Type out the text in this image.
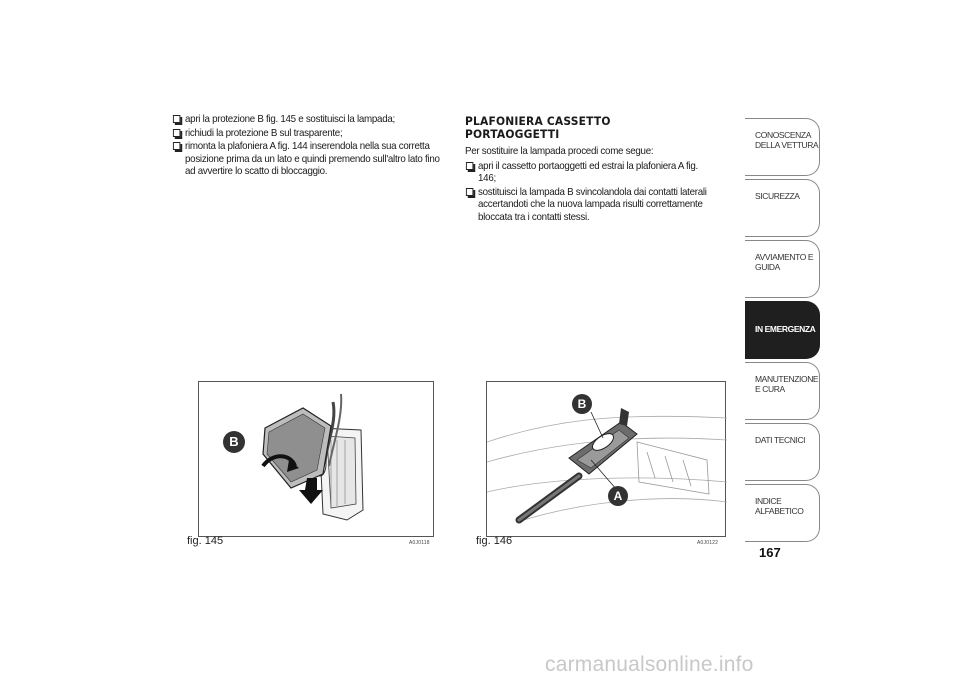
apri la protezione B fig. 145 e sostituisci la lampada;
richiudi la protezione B sul trasparente;
rimonta la plafoniera A fig. 144 inserendola nella sua corretta posizione prima da un lato e quindi premendo sull'altro lato fino ad avvertire lo scatto di bloccaggio.
PLAFONIERA CASSETTO
PORTAOGGETTI
Per sostituire la lampada procedi come segue:
apri il cassetto portaoggetti ed estrai la plafoniera A fig. 146;
sostituisci la lampada B svincolandola dai contatti laterali accertandoti che la nuova lampada risulti correttamente bloccata tra i contatti stessi.
B
fig. 145	A0J0118
B
A
fig. 146	A0J0122
CONOSCENZA DELLA VETTURA
SICUREZZA
AVVIAMENTO E GUIDA
IN EMERGENZA
MANUTENZIONE E CURA
DATI TECNICI
INDICE ALFABETICO
167
carmanualsonline.info
